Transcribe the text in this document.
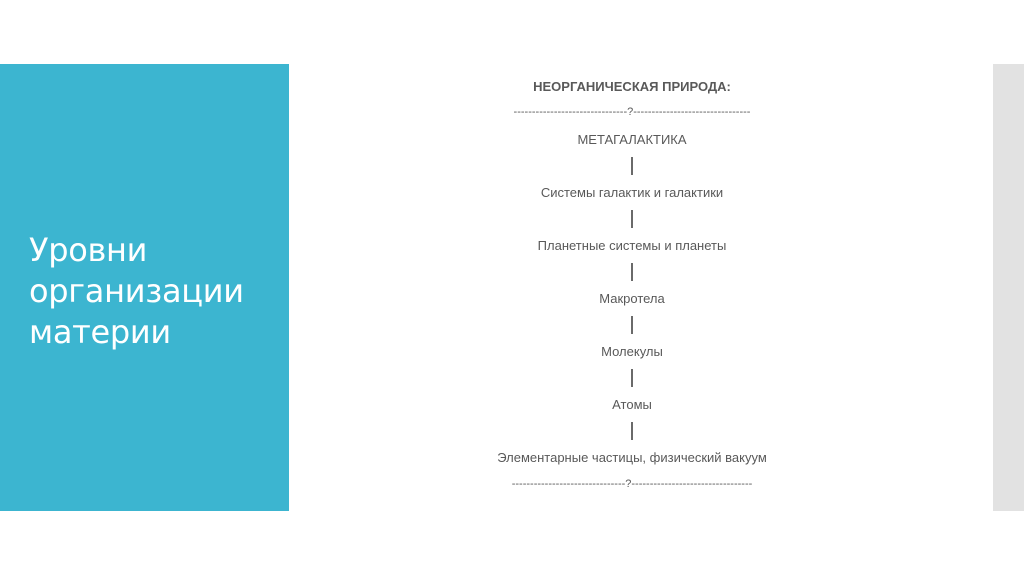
Уровни
организации
материи
НЕОРГАНИЧЕСКАЯ ПРИРОДА:
-------------------------------?--------------------------------
МЕТАГАЛАКТИКА
Системы галактик и галактики
Планетные системы и планеты
Макротела
Молекулы
Атомы
Элементарные частицы, физический вакуум
-------------------------------?---------------------------------
